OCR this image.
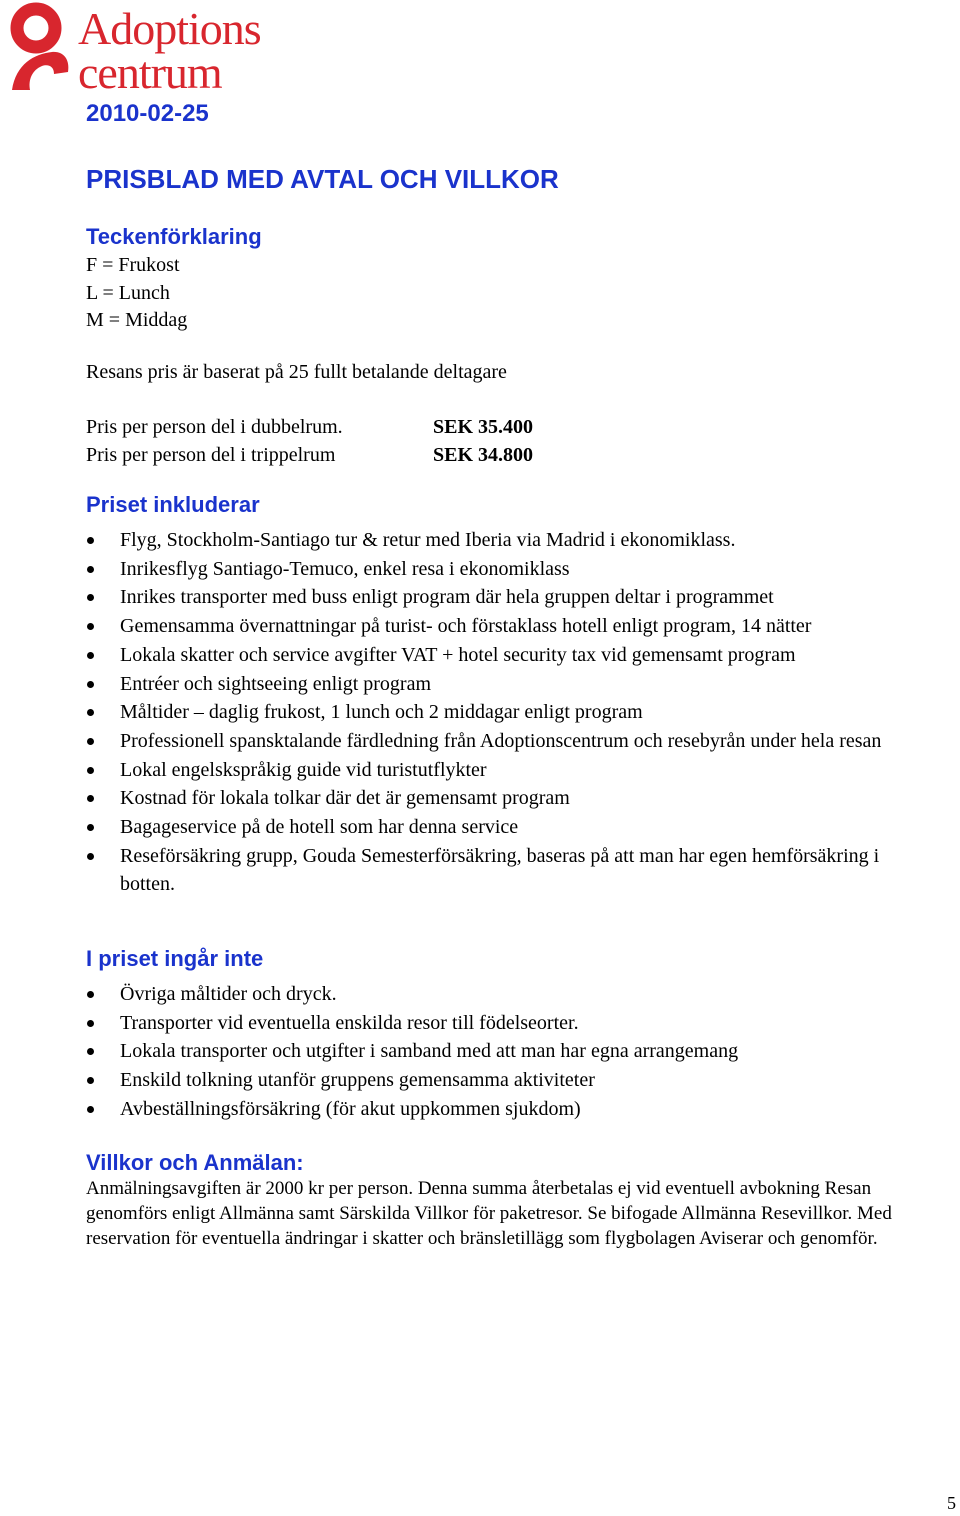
Adoptions
centrum
2010-02-25
PRISBLAD MED AVTAL OCH VILLKOR
Teckenförklaring
F = Frukost
L = Lunch
M = Middag
Resans pris är baserat på 25 fullt betalande deltagare
Pris per person del i dubbelrum.	SEK 35.400
Pris per person del i trippelrum	SEK 34.800
Priset inkluderar
Flyg, Stockholm-Santiago tur & retur med Iberia via Madrid i ekonomiklass.
Inrikesflyg Santiago-Temuco, enkel resa i ekonomiklass
Inrikes transporter med buss enligt program där hela gruppen deltar i programmet
Gemensamma övernattningar på turist- och förstaklass hotell enligt program, 14 nätter
Lokala skatter och service avgifter VAT + hotel security tax vid gemensamt program
Entréer och sightseeing enligt program
Måltider – daglig frukost, 1 lunch och 2 middagar enligt program
Professionell spansktalande färdledning från Adoptionscentrum och resebyrån under hela resan
Lokal engelskspråkig guide vid turistutflykter
Kostnad för lokala tolkar där det är gemensamt program
Bagageservice på de hotell som har denna service
Reseförsäkring grupp, Gouda Semesterförsäkring, baseras på att man har egen hemförsäkring i botten.
I priset ingår inte
Övriga måltider och dryck.
Transporter vid eventuella enskilda resor till födelseorter.
Lokala transporter och utgifter i samband med att man har egna arrangemang
Enskild tolkning utanför gruppens gemensamma aktiviteter
Avbeställningsförsäkring (för akut uppkommen sjukdom)
Villkor och Anmälan:
Anmälningsavgiften är 2000 kr per person. Denna summa återbetalas ej vid eventuell avbokning Resan genomförs enligt Allmänna samt Särskilda Villkor för paketresor. Se bifogade Allmänna Resevillkor. Med reservation för eventuella ändringar i skatter och bränsletillägg som flygbolagen Aviserar och genomför.
5
